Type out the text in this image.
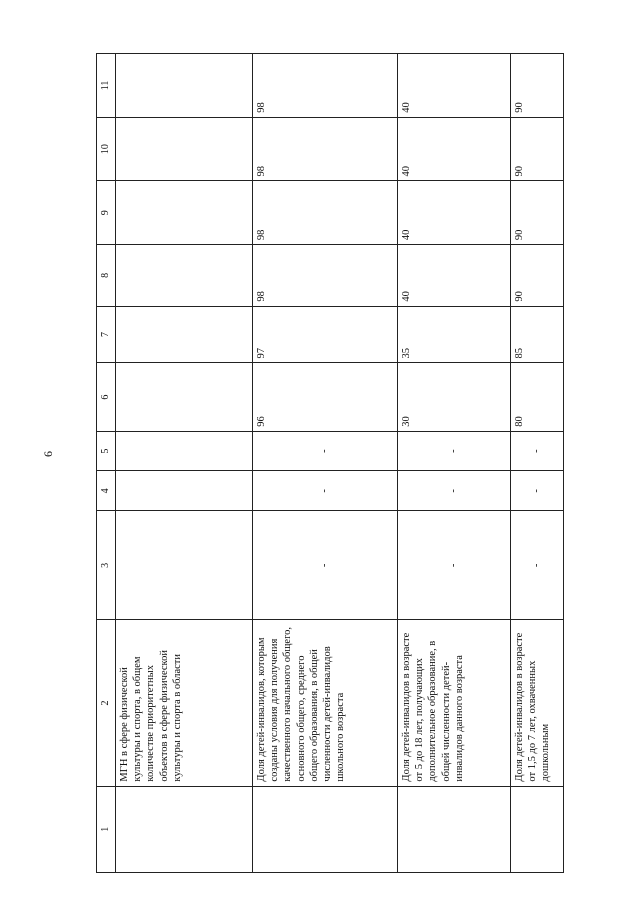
6
1	2	3	4	5	6	7	8	9	10	11
	МГН в сфере физической культуры и спорта, в общем количестве приоритетных объектов в сфере физической культуры и спорта в области									
	Доля детей-инвалидов, которым созданы условия для получения качественного начального общего, основного общего, среднего общего образования, в общей численности детей-инвалидов школьного возраста	-	-	-	96	97	98	98	98	98
	Доля детей-инвалидов в возрасте от 5 до 18 лет, получающих дополнительное образование, в общей численности детей-инвалидов данного возраста	-	-	-	30	35	40	40	40	40
	Доля детей-инвалидов в возрасте от 1,5 до 7 лет, охваченных дошкольным	-	-	-	80	85	90	90	90	90
